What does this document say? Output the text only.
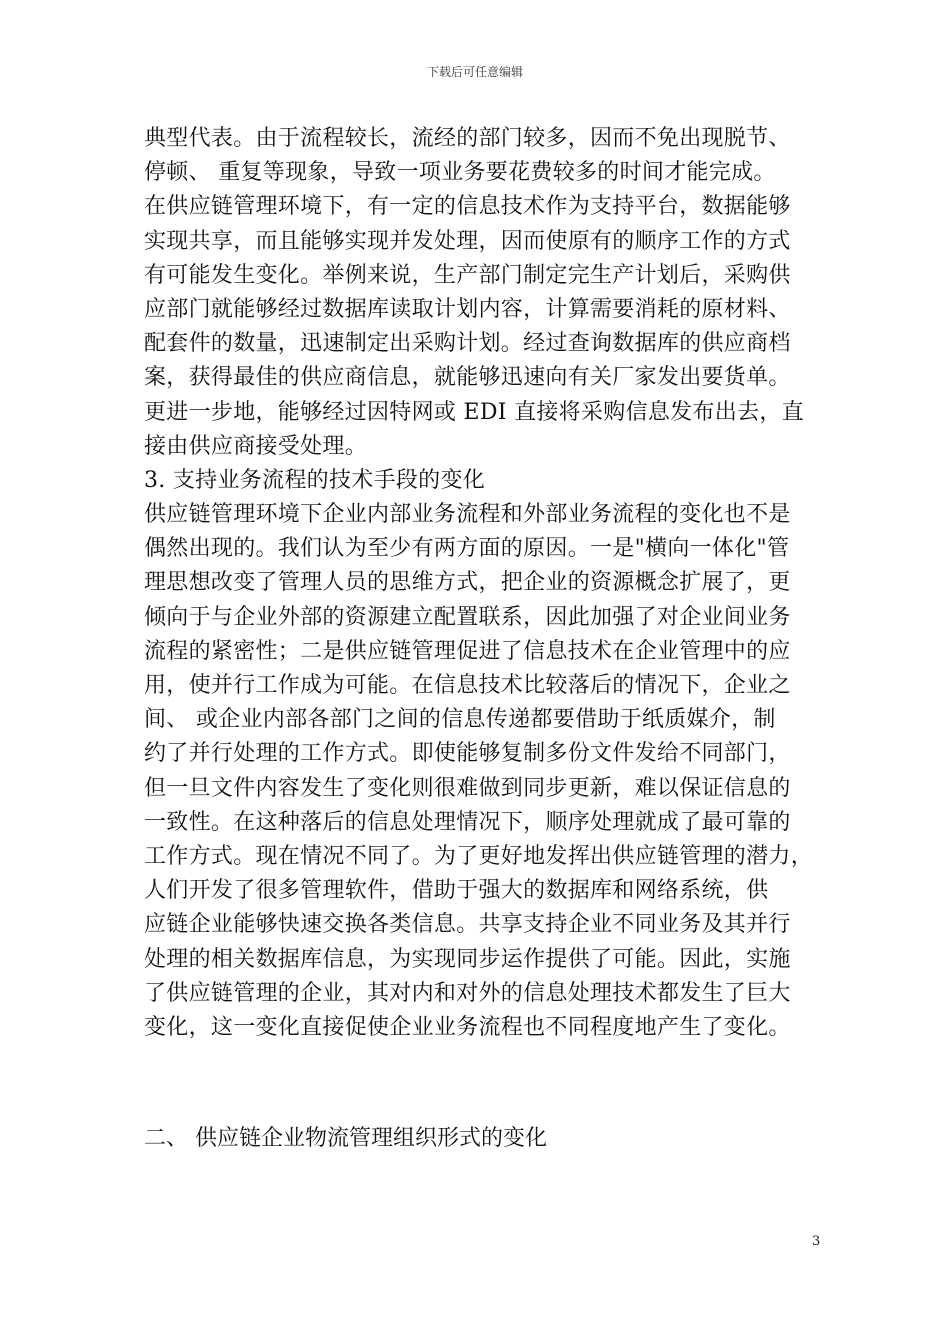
下载后可任意编辑
典型代表。由于流程较长，流经的部门较多，因而不免出现脱节、
停顿、 重复等现象，导致一项业务要花费较多的时间才能完成。
在供应链管理环境下，有一定的信息技术作为支持平台，数据能够
实现共享，而且能够实现并发处理，因而使原有的顺序工作的方式
有可能发生变化。举例来说，生产部门制定完生产计划后，采购供
应部门就能够经过数据库读取计划内容，计算需要消耗的原材料、
配套件的数量，迅速制定出采购计划。经过查询数据库的供应商档
案，获得最佳的供应商信息，就能够迅速向有关厂家发出要货单。
更进一步地，能够经过因特网或 EDI 直接将采购信息发布出去，直
接由供应商接受处理。
3. 支持业务流程的技术手段的变化
供应链管理环境下企业内部业务流程和外部业务流程的变化也不是
偶然出现的。我们认为至少有两方面的原因。一是"横向一体化"管
理思想改变了管理人员的思维方式，把企业的资源概念扩展了，更
倾向于与企业外部的资源建立配置联系，因此加强了对企业间业务
流程的紧密性；二是供应链管理促进了信息技术在企业管理中的应
用，使并行工作成为可能。在信息技术比较落后的情况下，企业之
间、 或企业内部各部门之间的信息传递都要借助于纸质媒介，制
约了并行处理的工作方式。即使能够复制多份文件发给不同部门，
但一旦文件内容发生了变化则很难做到同步更新，难以保证信息的
一致性。在这种落后的信息处理情况下，顺序处理就成了最可靠的
工作方式。现在情况不同了。为了更好地发挥出供应链管理的潜力，
人们开发了很多管理软件，借助于强大的数据库和网络系统，供
应链企业能够快速交换各类信息。共享支持企业不同业务及其并行
处理的相关数据库信息，为实现同步运作提供了可能。因此，实施
了供应链管理的企业，其对内和对外的信息处理技术都发生了巨大
变化，这一变化直接促使企业业务流程也不同程度地产生了变化。
二、 供应链企业物流管理组织形式的变化
3
